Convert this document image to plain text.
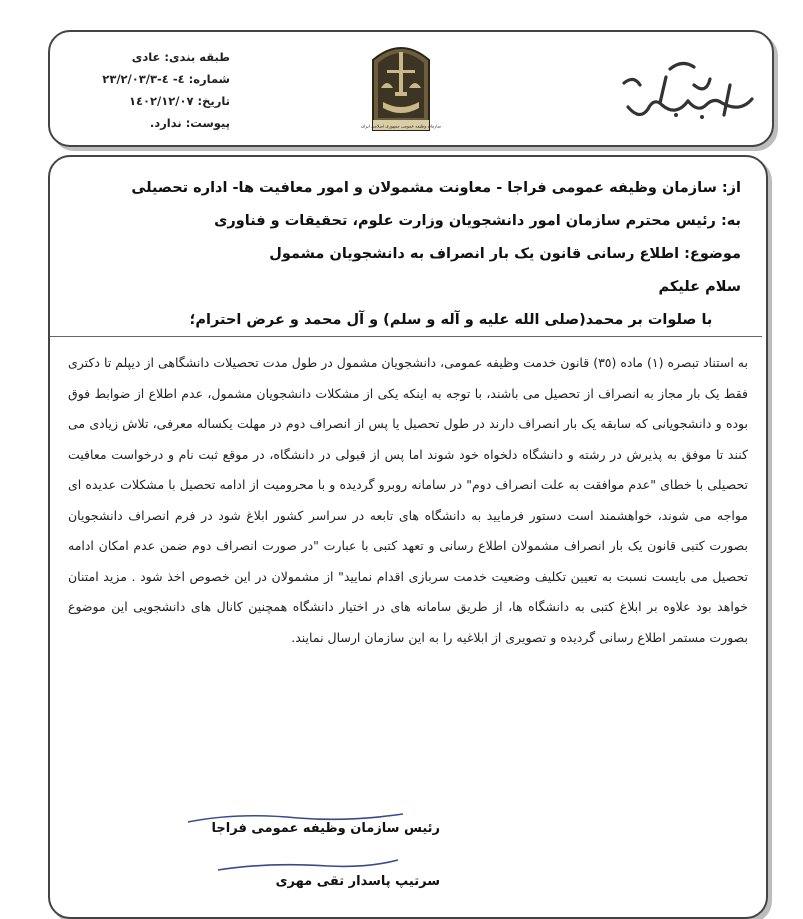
طبقه بندی: عادی
شماره: ٤- ٤-٢٣/٢/٠٣/٣
تاریخ: ١٤٠٢/١٢/٠٧
پیوست: ندارد.	سازمان وظیفه عمومی جمهوری اسلامی ایران
بسمه تعالی
از: سازمان وظیفه عمومی فراجا - معاونت مشمولان و امور معافیت ها- اداره تحصیلی
به: رئیس محترم سازمان امور دانشجویان وزارت علوم، تحقیقات و فناوری
موضوع: اطلاع رسانی قانون یک بار انصراف به دانشجویان مشمول
سلام علیکم
با صلوات بر محمد(صلی الله علیه و آله و سلم) و آل محمد و عرض احترام؛
به استناد تبصره (١) ماده (٣٥) قانون خدمت وظیفه عمومی، دانشجویان مشمول در طول مدت تحصیلات دانشگاهی از دیپلم تا دکتری فقط یک بار مجاز به انصراف از تحصیل می باشند، با توجه به اینکه یکی از مشکلات دانشجویان مشمول، عدم اطلاع از ضوابط فوق بوده و دانشجویانی که سابقه یک بار انصراف دارند در طول تحصیل یا پس از انصراف دوم در مهلت یکساله معرفی، تلاش زیادی می کنند تا موفق به پذیرش در رشته و دانشگاه دلخواه خود شوند اما پس از قبولی در دانشگاه، در موقع ثبت نام و درخواست معافیت تحصیلی با خطای "عدم موافقت به علت انصراف دوم" در سامانه روبرو گردیده و با محرومیت از ادامه تحصیل با مشکلات عدیده ای مواجه می شوند، خواهشمند است دستور فرمایید به دانشگاه های تابعه در سراسر کشور ابلاغ شود در فرم انصراف دانشجویان بصورت کتبی قانون یک بار انصراف مشمولان اطلاع رسانی و تعهد کتبی با عبارت "در صورت انصراف دوم ضمن عدم امکان ادامه تحصیل می بایست نسبت به تعیین تکلیف وضعیت خدمت سربازی اقدام نمایید" از مشمولان در این خصوص اخذ شود . مزید امتنان خواهد بود علاوه بر ابلاغ کتبی به دانشگاه ها، از طریق سامانه های در اختیار دانشگاه همچنین کانال های دانشجویی این موضوع بصورت مستمر اطلاع رسانی گردیده و تصویری از ابلاغیه را به این سازمان ارسال نمایند.
رئیس سازمان وظیفه عمومی فراجا
سرتیپ پاسدار تقی مهری
